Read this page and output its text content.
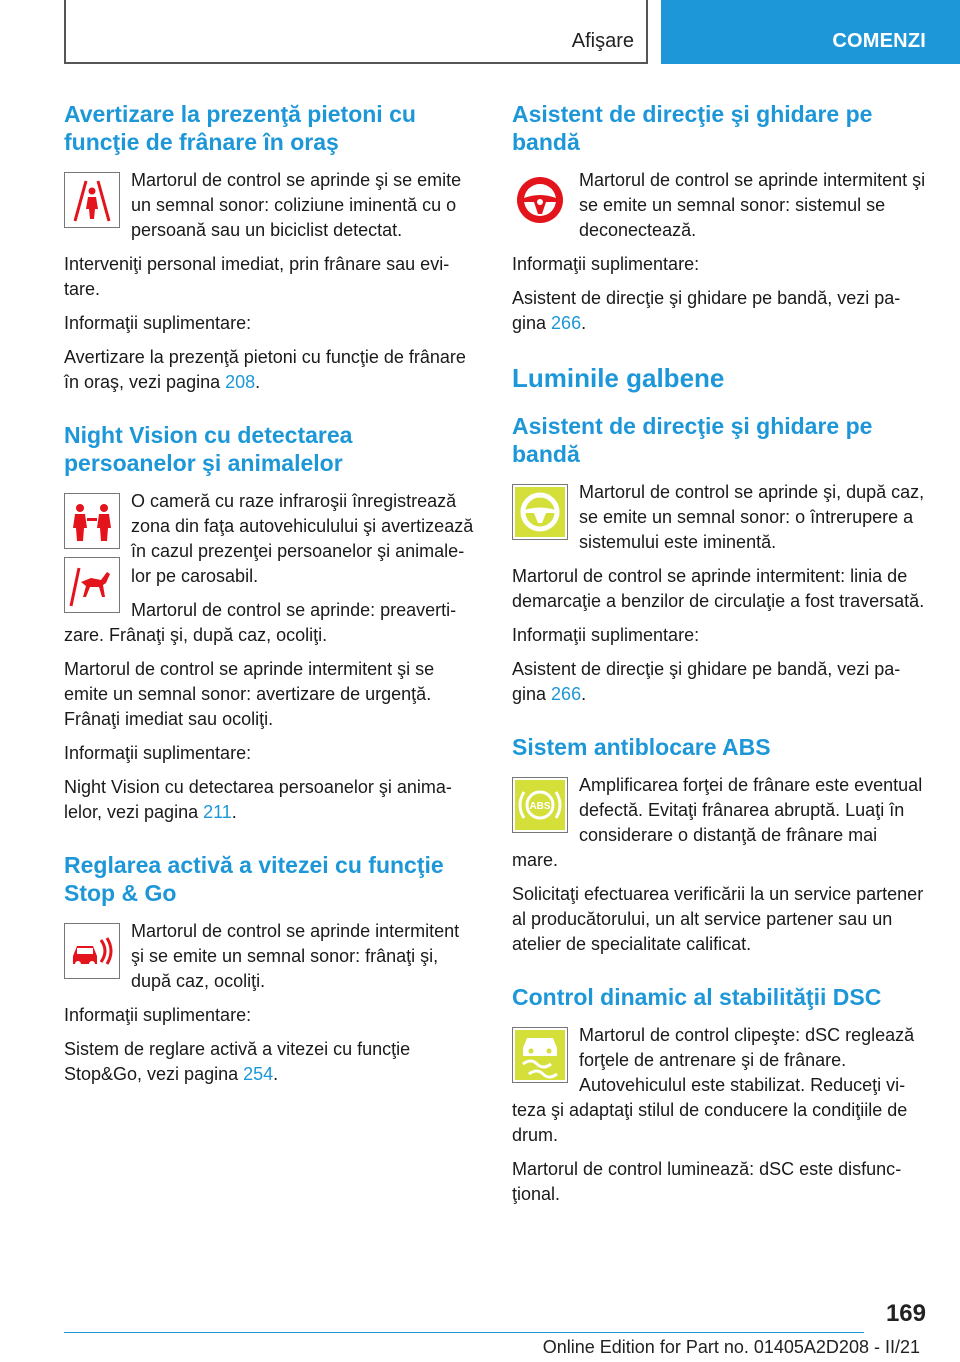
Afişare	COMENZI
Avertizare la prezenţă pietoni cu funcţie de frânare în oraş

Martorul de control se aprinde şi se emite un semnal sonor: coliziune iminentă cu o persoană sau un biciclist detectat.

Interveniţi personal imediat, prin frânare sau evitare.

Informaţii suplimentare:

Avertizare la prezenţă pietoni cu funcţie de frânare în oraş, vezi pagina 208.

Night Vision cu detectarea persoanelor şi animalelor

O cameră cu raze infraroşii înregistrează zona din faţa autovehiculului şi avertizează în cazul prezenţei persoanelor şi animalelor pe carosabil.

Martorul de control se aprinde: preavertizare. Frânaţi şi, după caz, ocoliţi.

Martorul de control se aprinde intermitent şi se emite un semnal sonor: avertizare de urgenţă. Frânaţi imediat sau ocoliţi.

Informaţii suplimentare:

Night Vision cu detectarea persoanelor şi animalelor, vezi pagina 211.

Reglarea activă a vitezei cu funcţie Stop & Go

Martorul de control se aprinde intermitent şi se emite un semnal sonor: frânaţi şi, după caz, ocoliţi.

Informaţii suplimentare:

Sistem de reglare activă a vitezei cu funcţie Stop&Go, vezi pagina 254.

Asistent de direcţie şi ghidare pe bandă

Martorul de control se aprinde intermitent şi se emite un semnal sonor: sistemul se deconectează.

Informaţii suplimentare:

Asistent de direcţie şi ghidare pe bandă, vezi pagina 266.

Luminile galbene
Asistent de direcţie şi ghidare pe bandă

Martorul de control se aprinde şi, după caz, se emite un semnal sonor: o întrerupere a sistemului este iminentă.

Martorul de control se aprinde intermitent: linia de demarcaţie a benzilor de circulaţie a fost traversată.

Informaţii suplimentare:

Asistent de direcţie şi ghidare pe bandă, vezi pagina 266.

Sistem antiblocare ABS
ABS

Amplificarea forţei de frânare este eventual defectă. Evitaţi frânarea abruptă. Luaţi în considerare o distanţă de frânare mai mare.

Solicitaţi efectuarea verificării la un service partener al producătorului, un alt service partener sau un atelier de specialitate calificat.

Control dinamic al stabilităţii DSC

Martorul de control clipeşte: dSC reglează forţele de antrenare şi de frânare. Autovehiculul este stabilizat. Reduceţi viteza şi adaptaţi stilul de conducere la condiţiile de drum.

Martorul de control luminează: dSC este disfuncţional.

169
Online Edition for Part no. 01405A2D208 - II/21
